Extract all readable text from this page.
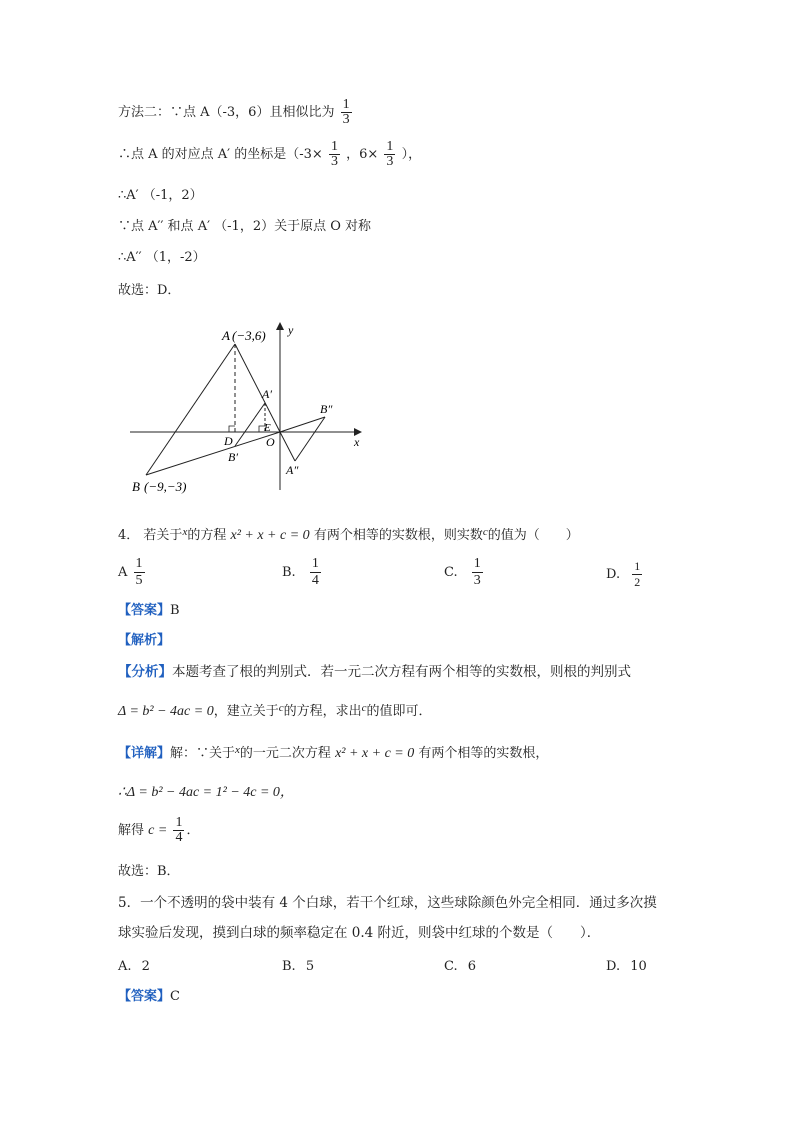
方法二：∵点 A（-3，6）且相似比为 $\frac{1}{3}$
∴点 A 的对应点 A′ 的坐标是（$-3\times \frac{1}{3}$ ，$6\times \frac{1}{3}$ ），
∴A′ （-1，2）
∵点 A′′ 和点 A′ （-1，2）关于原点 O 对称
∴A′′ （1，-2）
故选：D．
A (−3,6)
A′
B (−9,−3)
B′
B″
A″
D
E
O	x
y
4． 若关于$^x$的方程 x² + x + c = 0 有两个相等的实数根，则实数$^c$的值为（　　）
A $\frac{1}{5}$	B. $\frac{1}{4}$	C. $\frac{1}{3}$	D. $\frac{1}{2}$
【答案】B
【解析】
【分析】本题考查了根的判别式．若一元二次方程有两个相等的实数根，则根的判别式
Δ = b² − 4ac = 0，建立关于$^c$的方程，求出$^c$的值即可．
【详解】解：∵关于$^x$的一元二次方程 x² + x + c = 0 有两个相等的实数根，
∴Δ = b² − 4ac = 1² − 4c = 0，
解得 $c = \frac{1}{4}$ ．
故选：B．
5．一个不透明的袋中装有 4 个白球，若干个红球，这些球除颜色外完全相同．通过多次摸
球实验后发现，摸到白球的频率稳定在 0.4 附近，则袋中红球的个数是（　　）．
A. 2	B. 5	C. 6	D. 10
【答案】C
